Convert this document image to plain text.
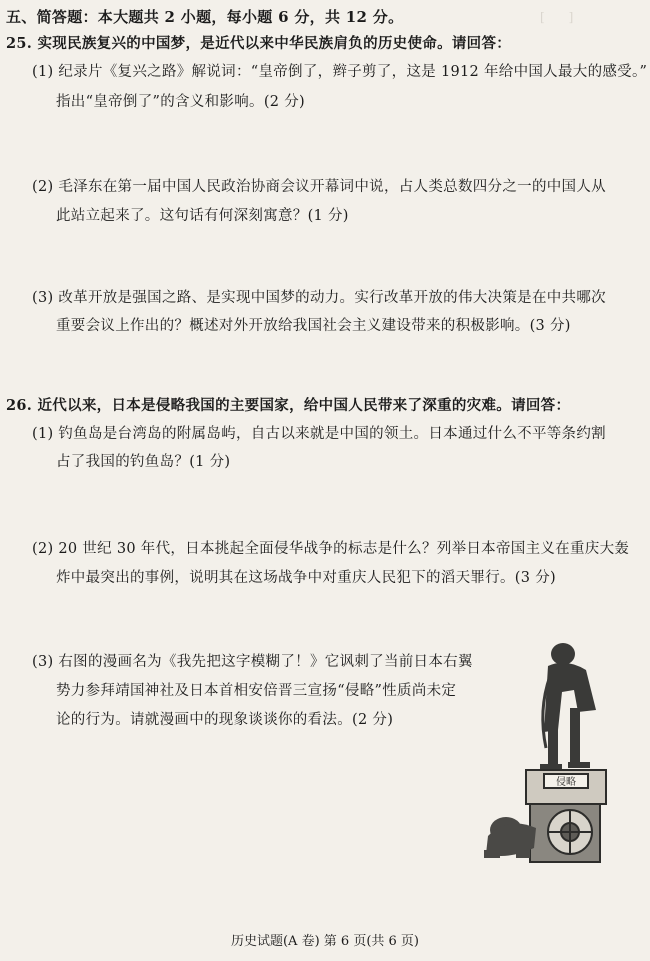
[　　]

五、简答题：本大题共 2 小题，每小题 6 分，共 12 分。
25. 实现民族复兴的中国梦，是近代以来中华民族肩负的历史使命。请回答：
(1) 纪录片《复兴之路》解说词：“皇帝倒了，辫子剪了，这是 1912 年给中国人最大的感受。”
指出“皇帝倒了”的含义和影响。(2 分)
(2) 毛泽东在第一届中国人民政治协商会议开幕词中说，占人类总数四分之一的中国人从
此站立起来了。这句话有何深刻寓意？(1 分)
(3) 改革开放是强国之路、是实现中国梦的动力。实行改革开放的伟大决策是在中共哪次
重要会议上作出的？概述对外开放给我国社会主义建设带来的积极影响。(3 分)
26. 近代以来，日本是侵略我国的主要国家，给中国人民带来了深重的灾难。请回答：
(1) 钓鱼岛是台湾岛的附属岛屿，自古以来就是中国的领土。日本通过什么不平等条约割
占了我国的钓鱼岛？(1 分)
(2) 20 世纪 30 年代，日本挑起全面侵华战争的标志是什么？列举日本帝国主义在重庆大轰
炸中最突出的事例，说明其在这场战争中对重庆人民犯下的滔天罪行。(3 分)
(3) 右图的漫画名为《我先把这字模糊了！》它讽刺了当前日本右翼
势力参拜靖国神社及日本首相安倍晋三宣扬“侵略”性质尚未定
论的行为。请就漫画中的现象谈谈你的看法。(2 分)
侵略
历史试题(A 卷) 第 6 页(共 6 页)
